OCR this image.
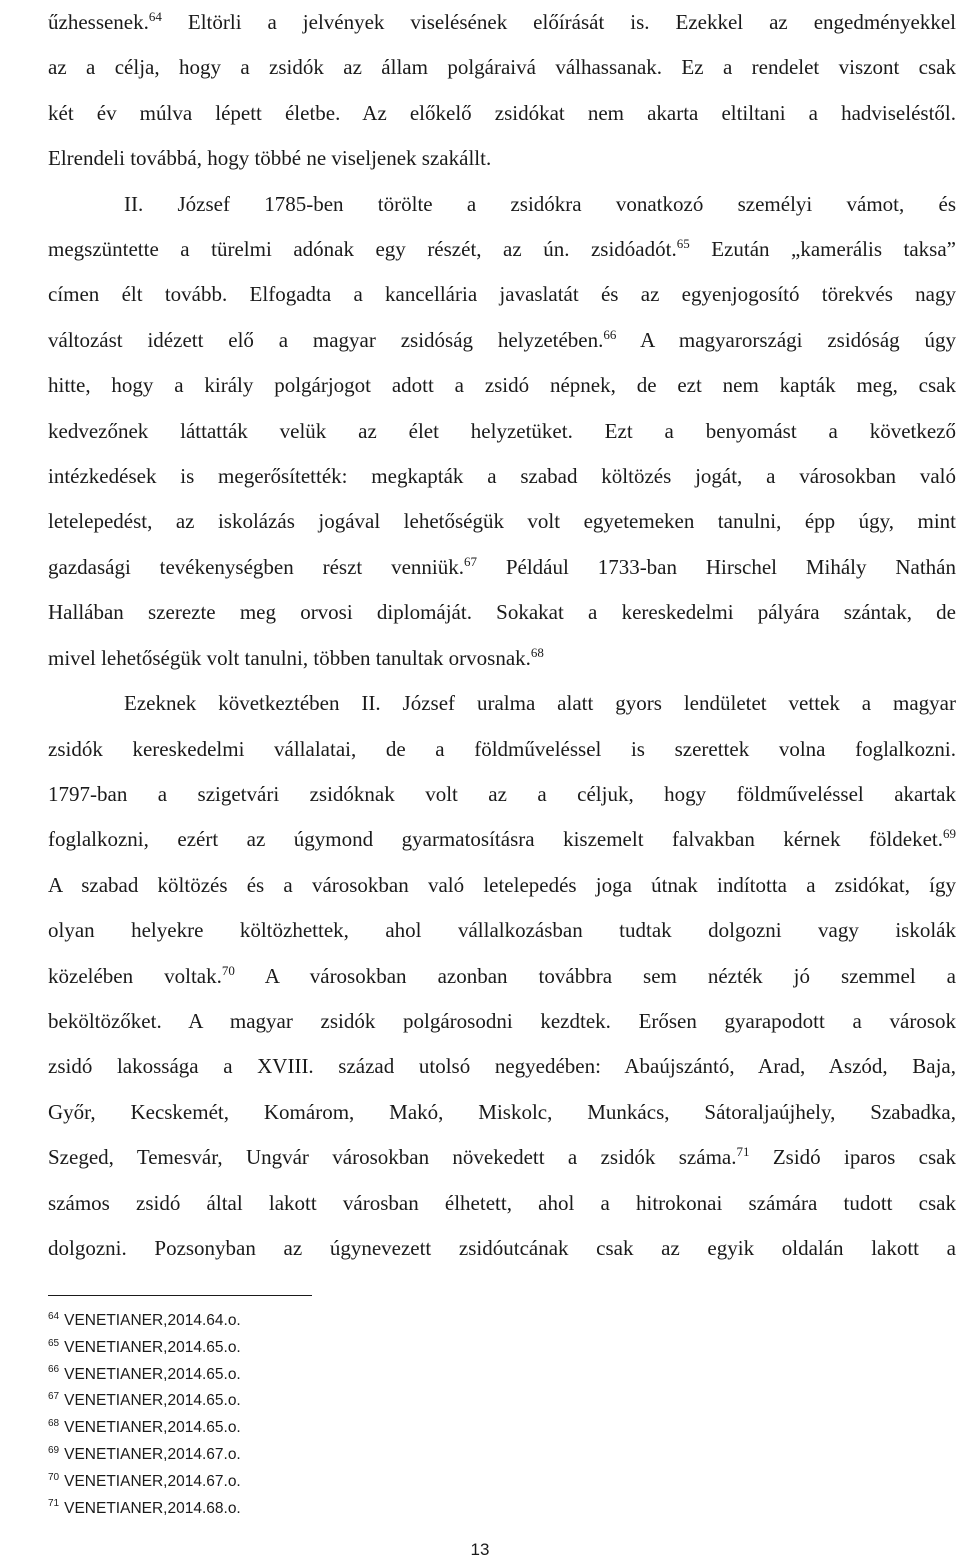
űzhessenek.$^{64}$ Eltörli a jelvények viselésének előírását is. Ezekkel az engedményekkel
az a célja, hogy a zsidók az állam polgáraivá válhassanak. Ez a rendelet viszont csak
két év múlva lépett életbe. Az előkelő zsidókat nem akarta eltiltani a hadviseléstől.
Elrendeli továbbá, hogy többé ne viseljenek szakállt.
II. József 1785-ben törölte a zsidókra vonatkozó személyi vámot, és
megszüntette a türelmi adónak egy részét, az ún. zsidóadót.$^{65}$ Ezután „kamerális taksa”
címen élt tovább. Elfogadta a kancellária javaslatát és az egyenjogosító törekvés nagy
változást idézett elő a magyar zsidóság helyzetében.$^{66}$ A magyarországi zsidóság úgy
hitte, hogy a király polgárjogot adott a zsidó népnek, de ezt nem kapták meg, csak
kedvezőnek láttatták velük az élet helyzetüket. Ezt a benyomást a következő
intézkedések is megerősítették: megkapták a szabad költözés jogát, a városokban való
letelepedést, az iskolázás jogával lehetőségük volt egyetemeken tanulni, épp úgy, mint
gazdasági tevékenységben részt venniük.$^{67}$ Például 1733-ban Hirschel Mihály Nathán
Hallában szerezte meg orvosi diplomáját. Sokakat a kereskedelmi pályára szántak, de
mivel lehetőségük volt tanulni, többen tanultak orvosnak.$^{68}$
Ezeknek következtében II. József uralma alatt gyors lendületet vettek a magyar
zsidók kereskedelmi vállalatai, de a földműveléssel is szerettek volna foglalkozni.
1797-ban a szigetvári zsidóknak volt az a céljuk, hogy földműveléssel akartak
foglalkozni, ezért az úgymond gyarmatosításra kiszemelt falvakban kérnek földeket.$^{69}$
A szabad költözés és a városokban való letelepedés joga útnak indította a zsidókat, így
olyan helyekre költözhettek, ahol vállalkozásban tudtak dolgozni vagy iskolák
közelében voltak.$^{70}$ A városokban azonban továbbra sem nézték jó szemmel a
beköltözőket. A magyar zsidók polgárosodni kezdtek. Erősen gyarapodott a városok
zsidó lakossága a XVIII. század utolsó negyedében: Abaújszántó, Arad, Aszód, Baja,
Győr, Kecskemét, Komárom, Makó, Miskolc, Munkács, Sátoraljaújhely, Szabadka,
Szeged, Temesvár, Ungvár városokban növekedett a zsidók száma.$^{71}$ Zsidó iparos csak
számos zsidó által lakott városban élhetett, ahol a hitrokonai számára tudott csak
dolgozni. Pozsonyban az úgynevezett zsidóutcának csak az egyik oldalán lakott a
$^{64}$ VENETIANER,2014.64.o.
$^{65}$ VENETIANER,2014.65.o.
$^{66}$ VENETIANER,2014.65.o.
$^{67}$ VENETIANER,2014.65.o.
$^{68}$ VENETIANER,2014.65.o.
$^{69}$ VENETIANER,2014.67.o.
$^{70}$ VENETIANER,2014.67.o.
$^{71}$ VENETIANER,2014.68.o.
13
